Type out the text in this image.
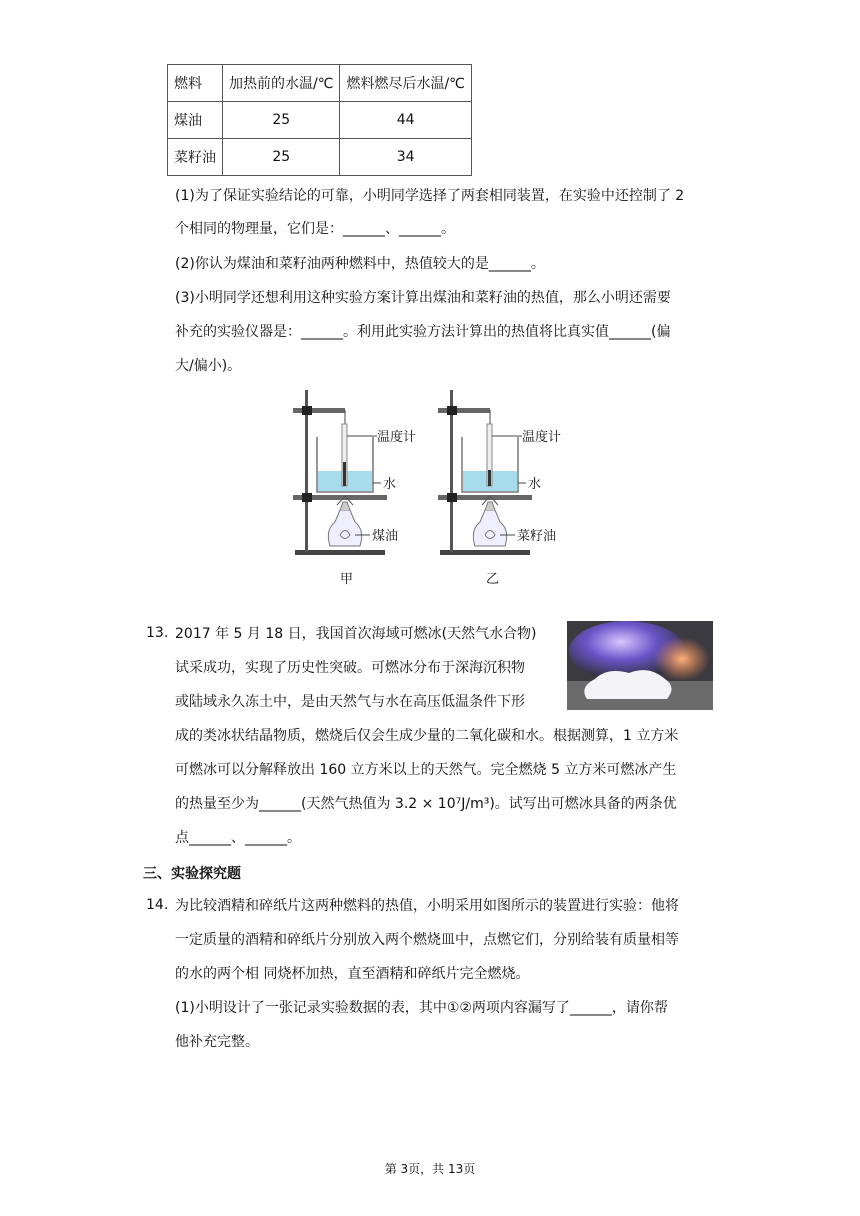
燃料	加热前的水温/℃	燃料燃尽后水温/℃
煤油	25	44
菜籽油	25	34
(1)为了保证实验结论的可靠，小明同学选择了两套相同装置，在实验中还控制了 2
个相同的物理量，它们是：______、______。
(2)你认为煤油和菜籽油两种燃料中，热值较大的是______。
(3)小明同学还想利用这种实验方案计算出煤油和菜籽油的热值，那么小明还需要
补充的实验仪器是：______。利用此实验方法计算出的热值将比真实值______(偏
大/偏小)。
温度计
水
煤油
甲
温度计
水
菜籽油
乙
13. 2017 年 5 月 18 日，我国首次海域可燃冰(天然气水合物)
试采成功，实现了历史性突破。可燃冰分布于深海沉积物
或陆域永久冻土中，是由天然气与水在高压低温条件下形
成的类冰状结晶物质，燃烧后仅会生成少量的二氧化碳和水。根据测算，1 立方米
可燃冰可以分解释放出 160 立方米以上的天然气。完全燃烧 5 立方米可燃冰产生
的热量至少为______(天然气热值为 3.2 × 10⁷J/m³)。试写出可燃冰具备的两条优
点______、______。
三、实验探究题
14. 为比较酒精和碎纸片这两种燃料的热值，小明采用如图所示的装置进行实验：他将
一定质量的酒精和碎纸片分别放入两个燃烧皿中，点燃它们，分别给装有质量相等
的水的两个相 同烧杯加热，直至酒精和碎纸片完全燃烧。
(1)小明设计了一张记录实验数据的表，其中①②两项内容漏写了______，请你帮
他补充完整。
第 3页，共 13页
